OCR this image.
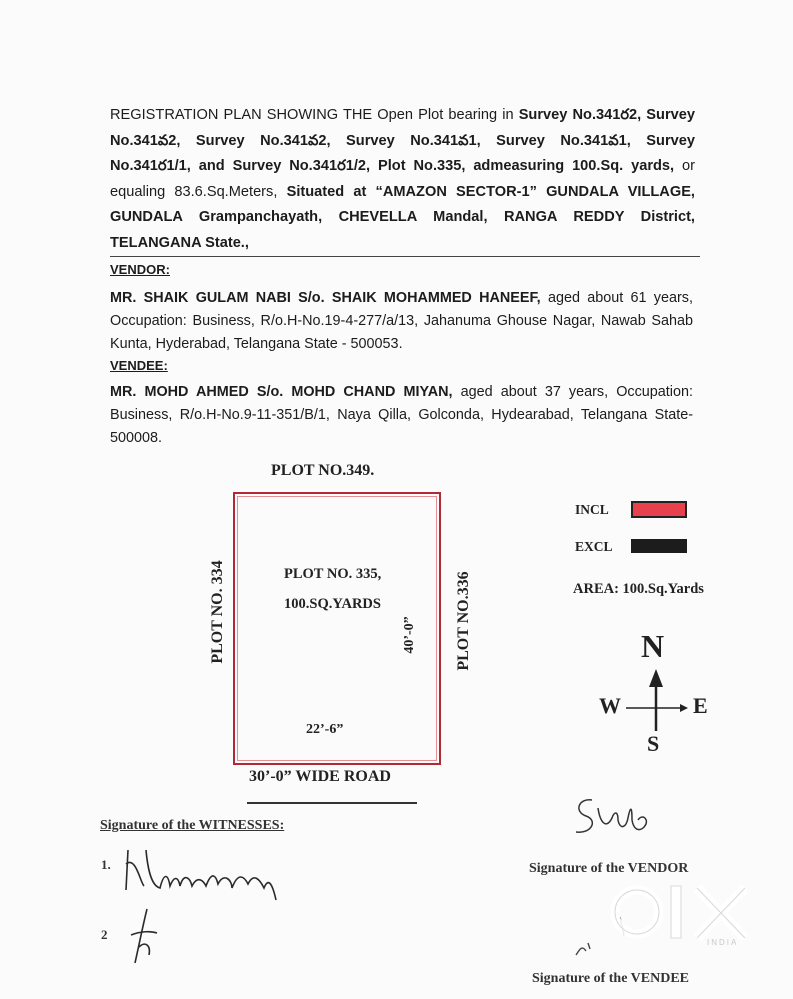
REGISTRATION PLAN SHOWING THE Open Plot bearing in Survey No.341ర2, Survey No.341వ2, Survey No.341వ2, Survey No.341వ1, Survey No.341వ1, Survey No.341ర1/1, and Survey No.341ర1/2, Plot No.335, admeasuring 100.Sq. yards, or equaling 83.6.Sq.Meters, Situated at “AMAZON SECTOR-1” GUNDALA VILLAGE, GUNDALA Grampanchayath, CHEVELLA Mandal, RANGA REDDY District, TELANGANA State.,
VENDOR:
MR. SHAIK GULAM NABI S/o. SHAIK MOHAMMED HANEEF, aged about 61 years, Occupation: Business, R/o.H-No.19-4-277/a/13, Jahanuma Ghouse Nagar, Nawab Sahab Kunta, Hyderabad, Telangana State - 500053.
VENDEE:
MR. MOHD AHMED S/o. MOHD CHAND MIYAN, aged about 37 years, Occupation: Business, R/o.H-No.9-11-351/B/1, Naya Qilla, Golconda, Hydearabad, Telangana State-500008.
PLOT NO.349.
PLOT NO. 335,
100.SQ.YARDS
40’-0”
22’-6”
PLOT NO. 334	PLOT NO.336
30’-0” WIDE ROAD
INCL
EXCL
AREA: 100.Sq.Yards
N
W	E
S
Signature of the WITNESSES:
1.
2
Signature of the VENDOR
Signature of the VENDEE
INDIA
